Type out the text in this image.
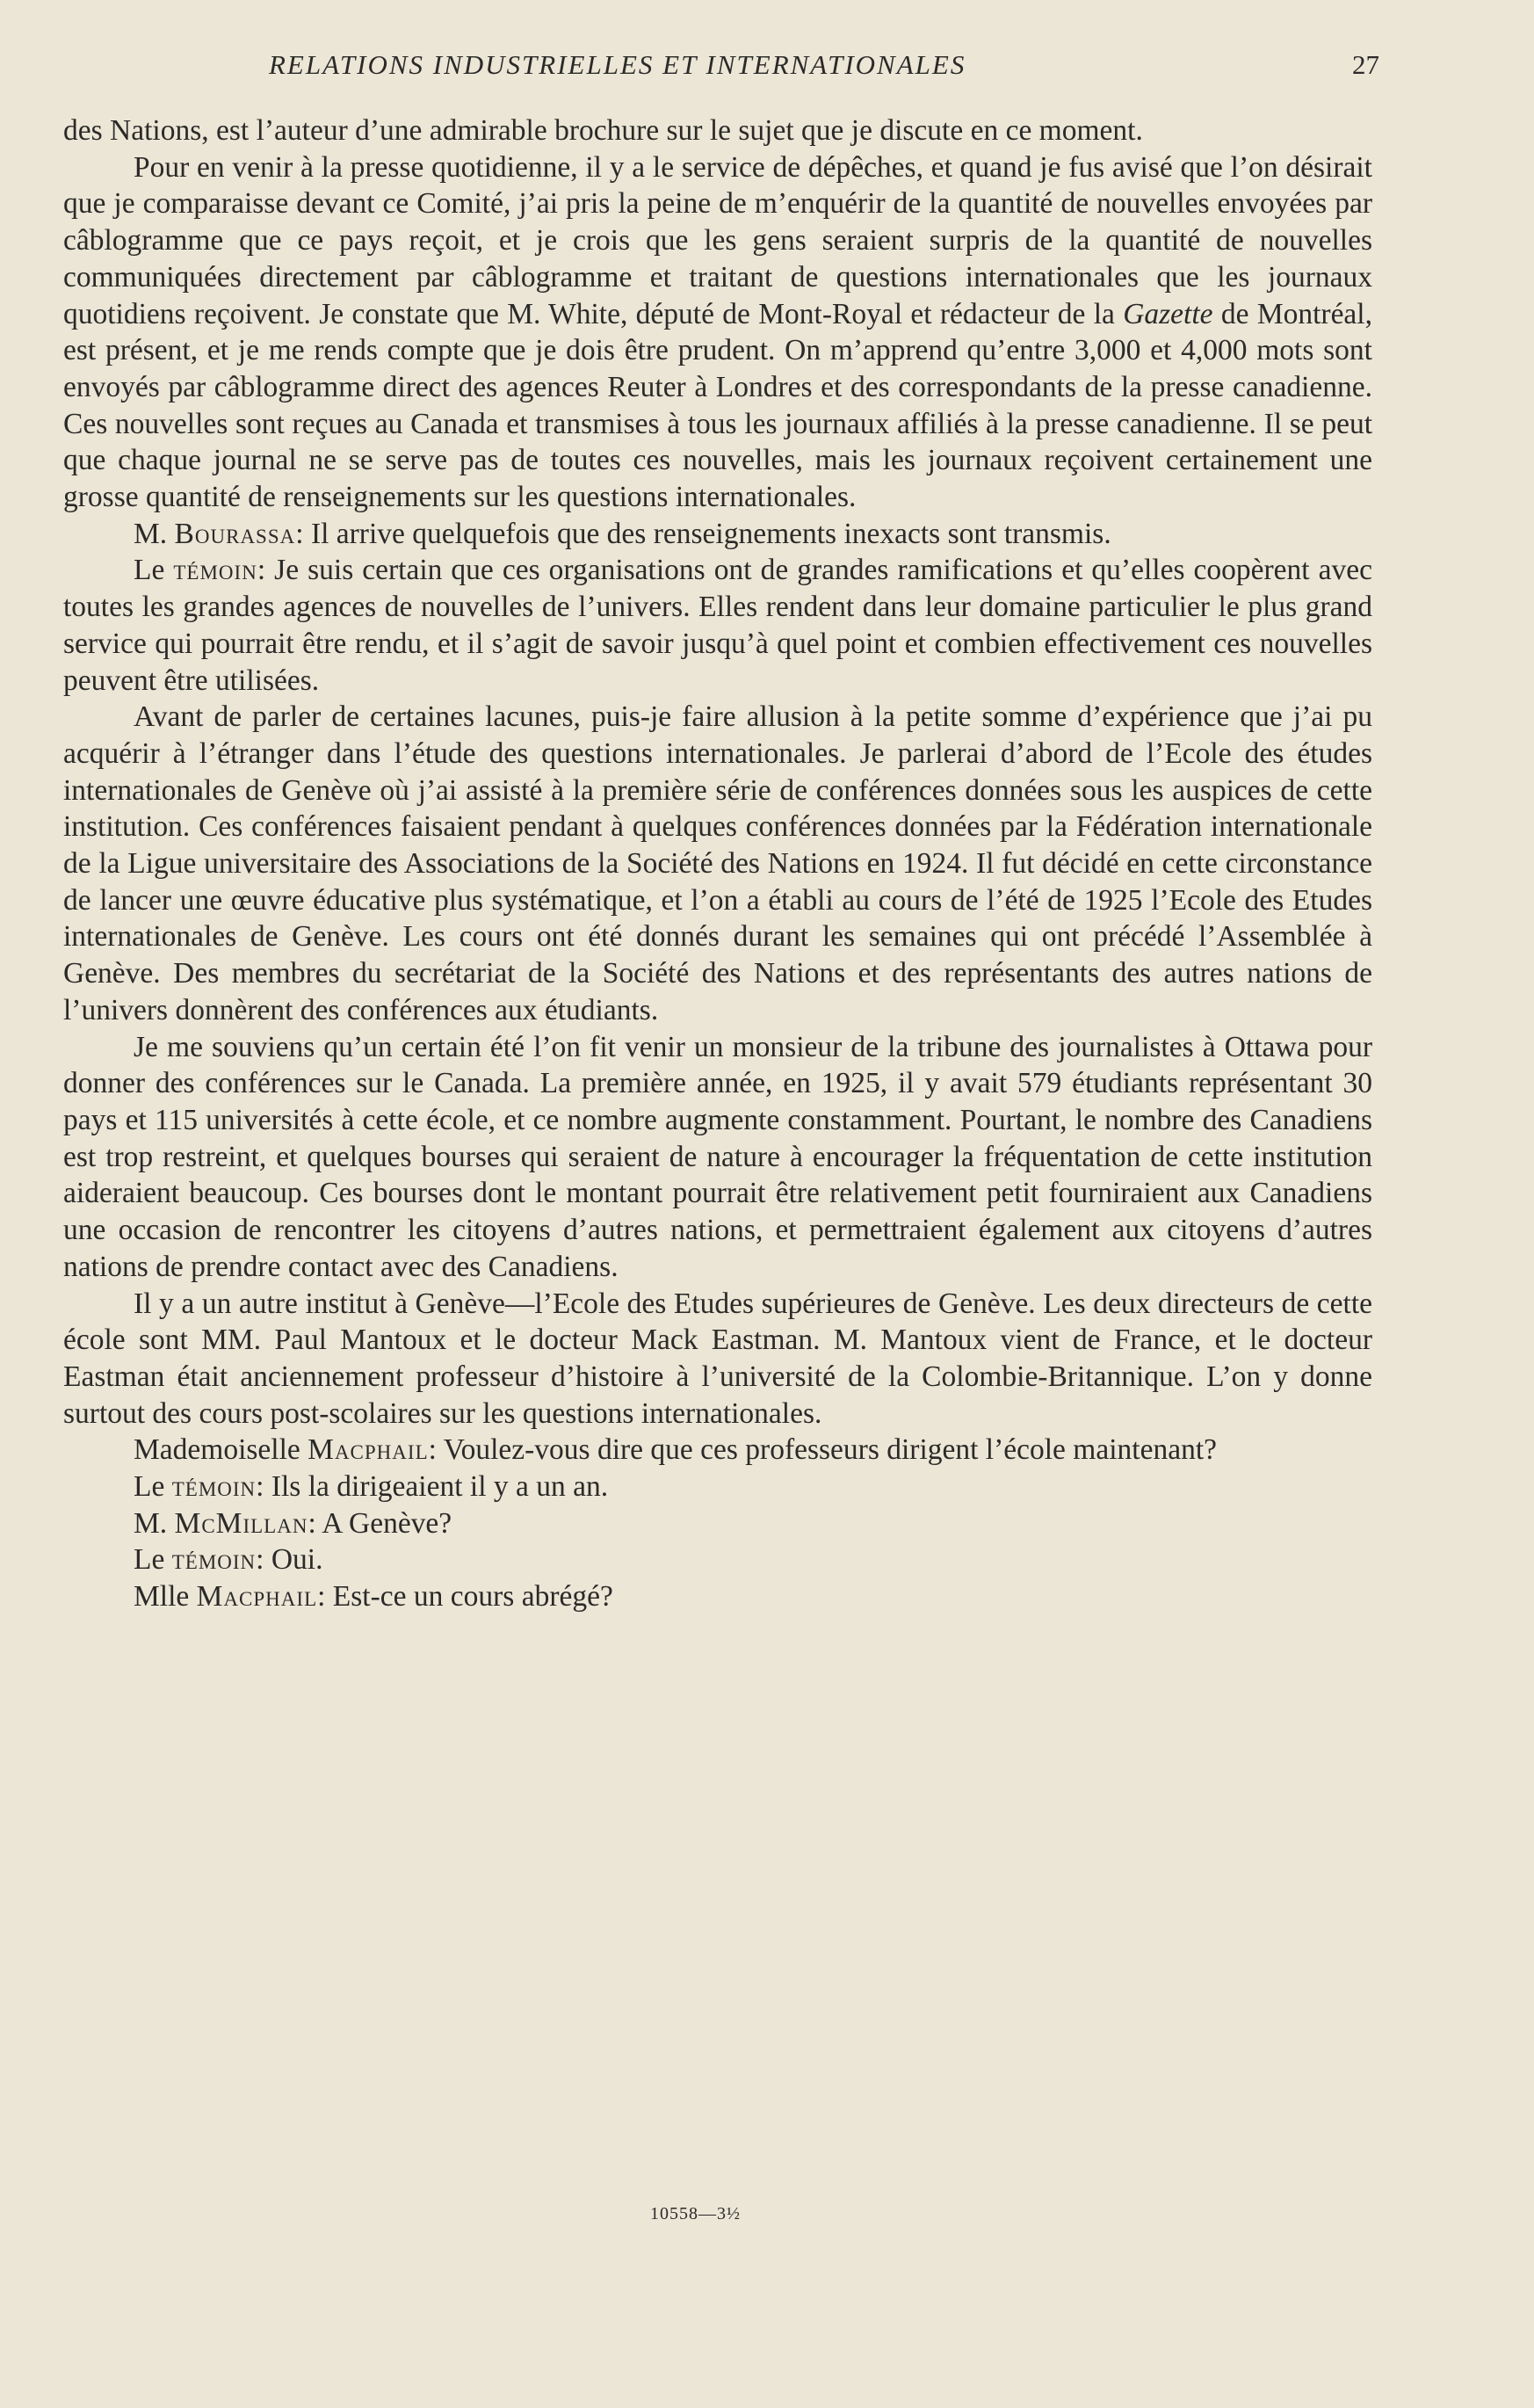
RELATIONS INDUSTRIELLES ET INTERNATIONALES	27

des Nations, est l’auteur d’une admirable brochure sur le sujet que je discute en ce moment.

Pour en venir à la presse quotidienne, il y a le service de dépêches, et quand je fus avisé que l’on désirait que je comparaisse devant ce Comité, j’ai pris la peine de m’enquérir de la quantité de nouvelles envoyées par câblogramme que ce pays reçoit, et je crois que les gens seraient surpris de la quantité de nouvelles communiquées directement par câblogramme et traitant de questions internationales que les journaux quotidiens reçoivent. Je constate que M. White, député de Mont-Royal et rédacteur de la Gazette de Montréal, est présent, et je me rends compte que je dois être prudent. On m’apprend qu’entre 3,000 et 4,000 mots sont envoyés par câblogramme direct des agences Reuter à Londres et des correspondants de la presse canadienne. Ces nouvelles sont reçues au Canada et transmises à tous les journaux affiliés à la presse canadienne. Il se peut que chaque journal ne se serve pas de toutes ces nouvelles, mais les journaux reçoivent certainement une grosse quantité de renseignements sur les questions internationales.

M. Bourassa: Il arrive quelquefois que des renseignements inexacts sont transmis.

Le témoin: Je suis certain que ces organisations ont de grandes ramifications et qu’elles coopèrent avec toutes les grandes agences de nouvelles de l’univers. Elles rendent dans leur domaine particulier le plus grand service qui pourrait être rendu, et il s’agit de savoir jusqu’à quel point et combien effectivement ces nouvelles peuvent être utilisées.

Avant de parler de certaines lacunes, puis-je faire allusion à la petite somme d’expérience que j’ai pu acquérir à l’étranger dans l’étude des questions internationales. Je parlerai d’abord de l’Ecole des études internationales de Genève où j’ai assisté à la première série de conférences données sous les auspices de cette institution. Ces conférences faisaient pendant à quelques conférences données par la Fédération internationale de la Ligue universitaire des Associations de la Société des Nations en 1924. Il fut décidé en cette circonstance de lancer une œuvre éducative plus systématique, et l’on a établi au cours de l’été de 1925 l’Ecole des Etudes internationales de Genève. Les cours ont été donnés durant les semaines qui ont précédé l’Assemblée à Genève. Des membres du secrétariat de la Société des Nations et des représentants des autres nations de l’univers donnèrent des conférences aux étudiants.

Je me souviens qu’un certain été l’on fit venir un monsieur de la tribune des journalistes à Ottawa pour donner des conférences sur le Canada. La première année, en 1925, il y avait 579 étudiants représentant 30 pays et 115 universités à cette école, et ce nombre augmente constamment. Pourtant, le nombre des Canadiens est trop restreint, et quelques bourses qui seraient de nature à encourager la fréquentation de cette institution aideraient beaucoup. Ces bourses dont le montant pourrait être relativement petit fourniraient aux Canadiens une occasion de rencontrer les citoyens d’autres nations, et permettraient également aux citoyens d’autres nations de prendre contact avec des Canadiens.

Il y a un autre institut à Genève—l’Ecole des Etudes supérieures de Genève. Les deux directeurs de cette école sont MM. Paul Mantoux et le docteur Mack Eastman. M. Mantoux vient de France, et le docteur Eastman était anciennement professeur d’histoire à l’université de la Colombie-Britannique. L’on y donne surtout des cours post-scolaires sur les questions internationales.

Mademoiselle Macphail: Voulez-vous dire que ces professeurs dirigent l’école maintenant?

Le témoin: Ils la dirigeaient il y a un an.

M. McMillan: A Genève?

Le témoin: Oui.

Mlle Macphail: Est-ce un cours abrégé?

10558—3½
